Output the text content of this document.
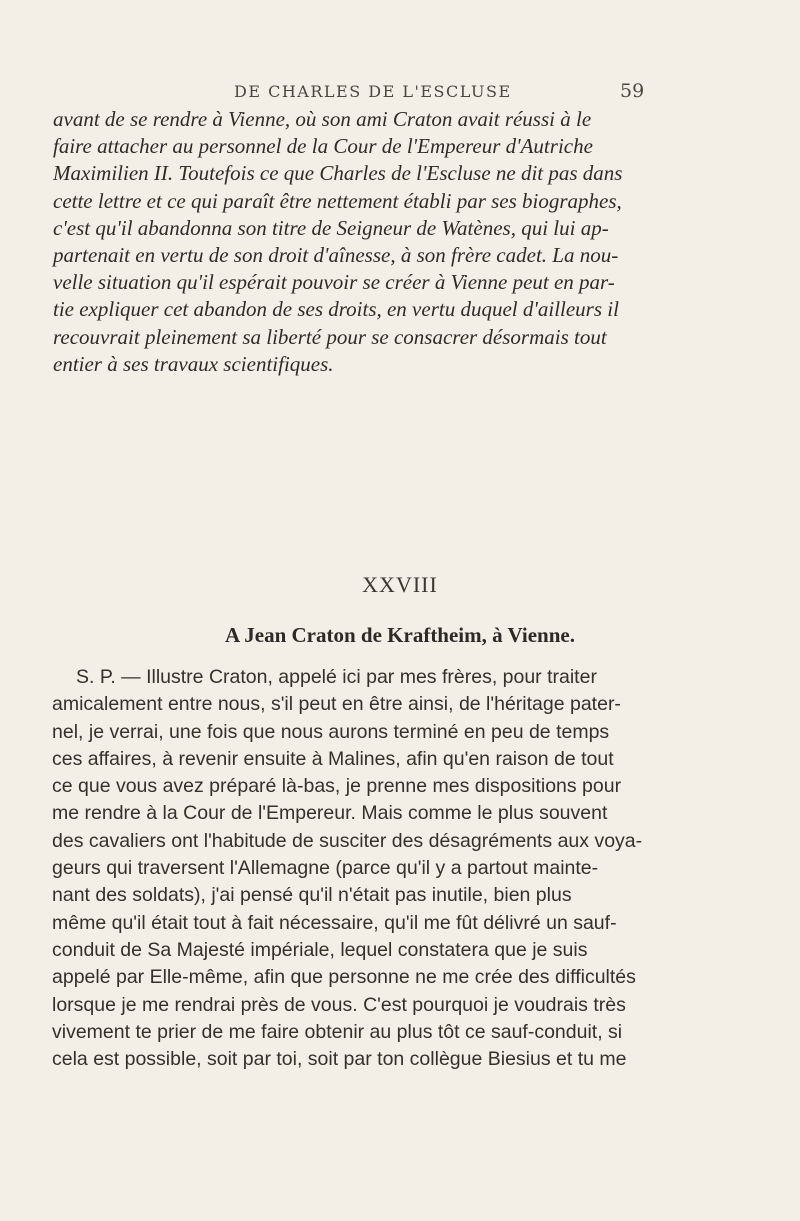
DE CHARLES DE L'ESCLUSE	59
avant de se rendre à Vienne, où son ami Craton avait réussi à le
faire attacher au personnel de la Cour de l'Empereur d'Autriche
Maximilien II. Toutefois ce que Charles de l'Escluse ne dit pas dans
cette lettre et ce qui paraît être nettement établi par ses biographes,
c'est qu'il abandonna son titre de Seigneur de Watènes, qui lui ap-
partenait en vertu de son droit d'aînesse, à son frère cadet. La nou-
velle situation qu'il espérait pouvoir se créer à Vienne peut en par-
tie expliquer cet abandon de ses droits, en vertu duquel d'ailleurs il
recouvrait pleinement sa liberté pour se consacrer désormais tout
entier à ses travaux scientifiques.
XXVIII
A Jean Craton de Kraftheim, à Vienne.
S. P. — Illustre Craton, appelé ici par mes frères, pour traiter
amicalement entre nous, s'il peut en être ainsi, de l'héritage pater-
nel, je verrai, une fois que nous aurons terminé en peu de temps
ces affaires, à revenir ensuite à Malines, afin qu'en raison de tout
ce que vous avez préparé là-bas, je prenne mes dispositions pour
me rendre à la Cour de l'Empereur. Mais comme le plus souvent
des cavaliers ont l'habitude de susciter des désagréments aux voya-
geurs qui traversent l'Allemagne (parce qu'il y a partout mainte-
nant des soldats), j'ai pensé qu'il n'était pas inutile, bien plus
même qu'il était tout à fait nécessaire, qu'il me fût délivré un sauf-
conduit de Sa Majesté impériale, lequel constatera que je suis
appelé par Elle-même, afin que personne ne me crée des difficultés
lorsque je me rendrai près de vous. C'est pourquoi je voudrais très
vivement te prier de me faire obtenir au plus tôt ce sauf-conduit, si
cela est possible, soit par toi, soit par ton collègue Biesius et tu me
